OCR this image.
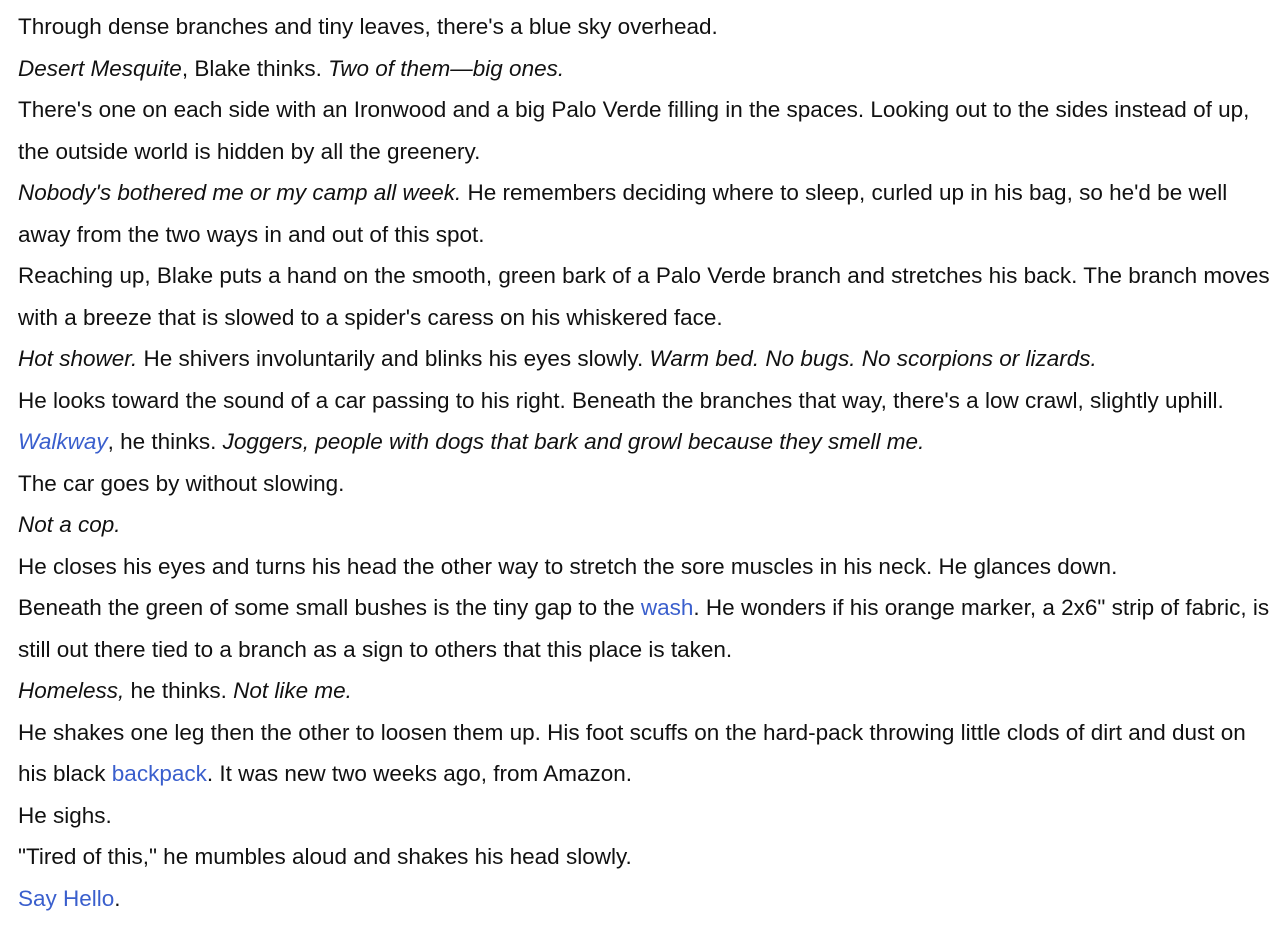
Through dense branches and tiny leaves, there's a blue sky overhead.

Desert Mesquite, Blake thinks. Two of them—big ones.

There's one on each side with an Ironwood and a big Palo Verde filling in the spaces. Looking out to the sides instead of up, the outside world is hidden by all the greenery.

Nobody's bothered me or my camp all week. He remembers deciding where to sleep, curled up in his bag, so he'd be well away from the two ways in and out of this spot.

Reaching up, Blake puts a hand on the smooth, green bark of a Palo Verde branch and stretches his back. The branch moves with a breeze that is slowed to a spider's caress on his whiskered face.

Hot shower. He shivers involuntarily and blinks his eyes slowly. Warm bed. No bugs. No scorpions or lizards.

He looks toward the sound of a car passing to his right. Beneath the branches that way, there's a low crawl, slightly uphill. Walkway, he thinks. Joggers, people with dogs that bark and growl because they smell me.

The car goes by without slowing.

Not a cop.

He closes his eyes and turns his head the other way to stretch the sore muscles in his neck. He glances down.

Beneath the green of some small bushes is the tiny gap to the wash. He wonders if his orange marker, a 2x6" strip of fabric, is still out there tied to a branch as a sign to others that this place is taken.

Homeless, he thinks. Not like me.

He shakes one leg then the other to loosen them up. His foot scuffs on the hard-pack throwing little clods of dirt and dust on his black backpack. It was new two weeks ago, from Amazon.

He sighs.

"Tired of this," he mumbles aloud and shakes his head slowly.

Say Hello.
